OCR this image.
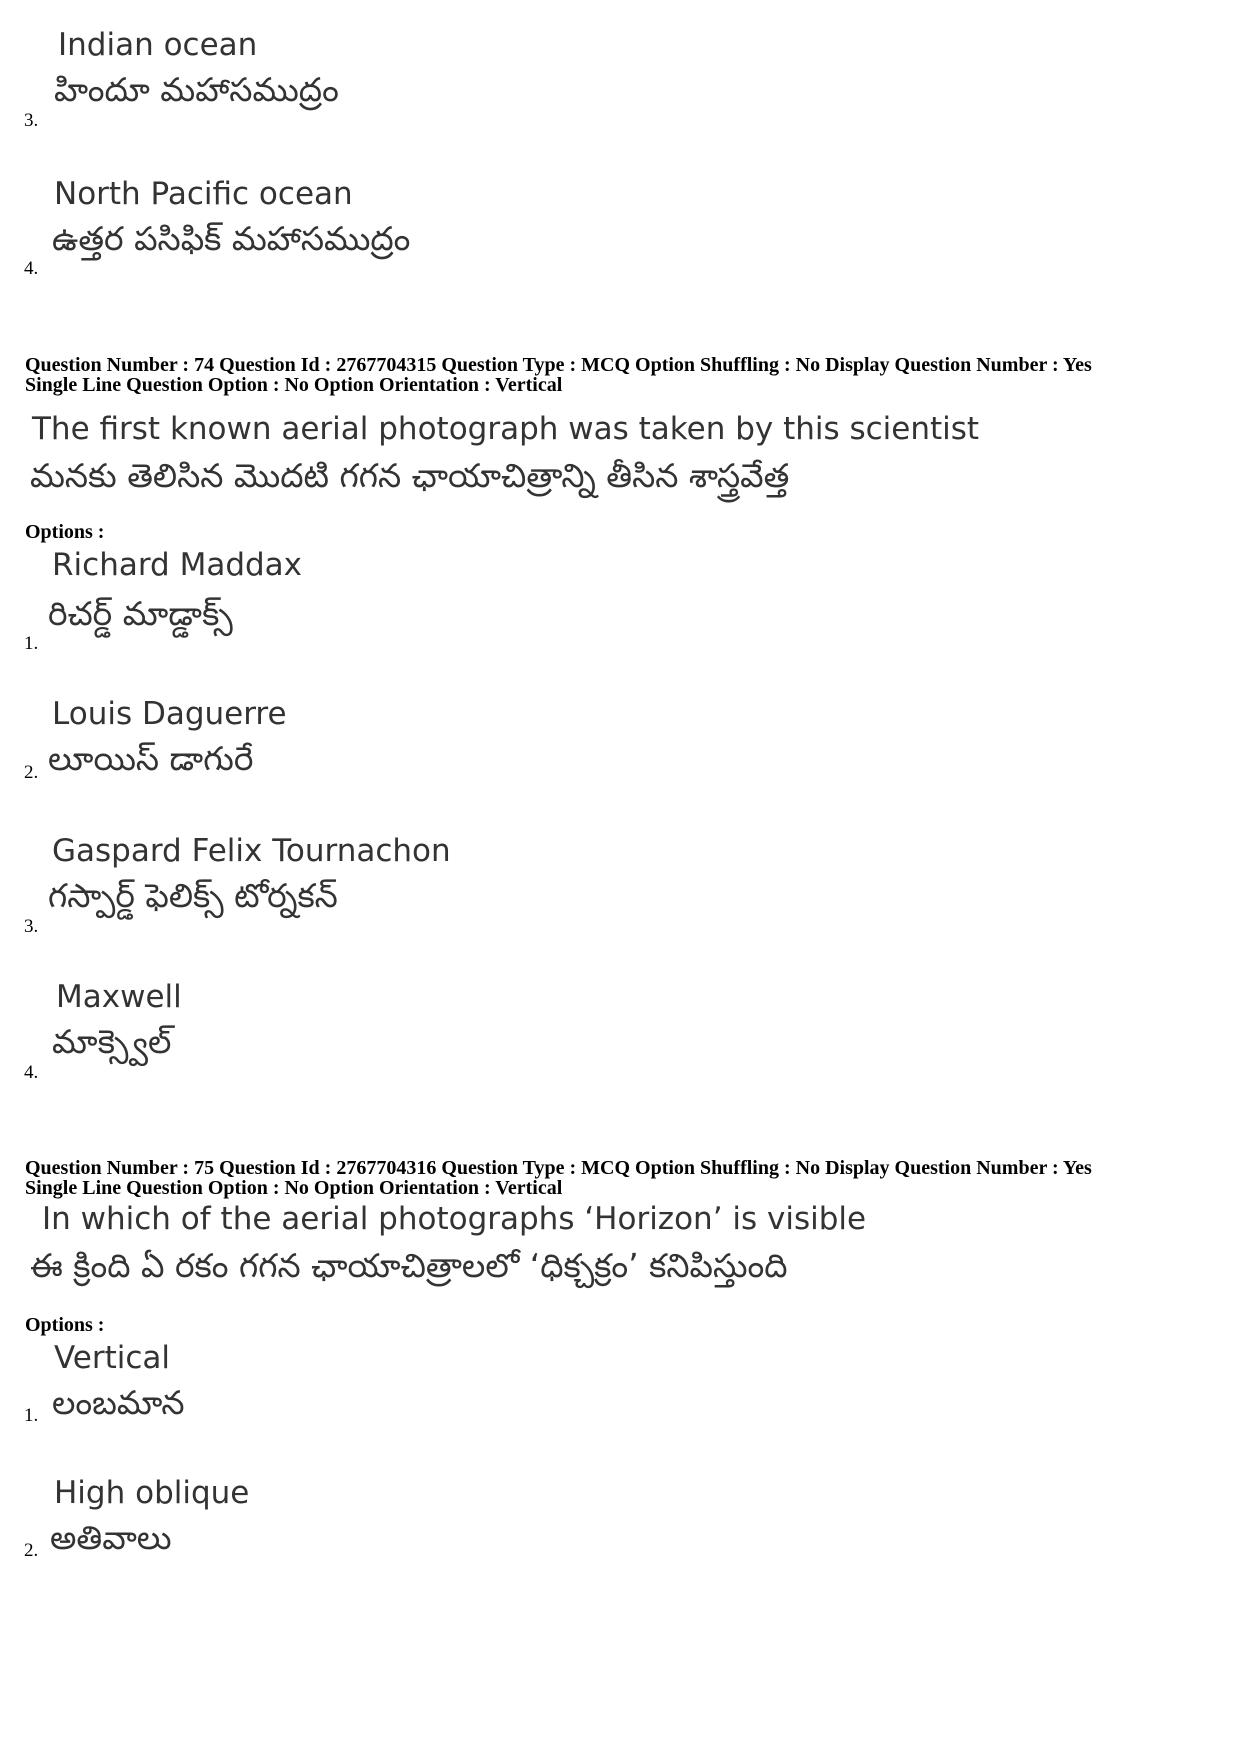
Indian ocean
హిందూ మహాసముద్రం
3.
North Pacific ocean
ఉత్తర పసిఫిక్ మహాసముద్రం
4.
Question Number : 74 Question Id : 2767704315 Question Type : MCQ Option Shuffling : No Display Question Number : Yes
Single Line Question Option : No Option Orientation : Vertical
The first known aerial photograph was taken by this scientist
మనకు తెలిసిన మొదటి గగన ఛాయాచిత్రాన్ని తీసిన శాస్త్రవేత్త
Options :
Richard Maddax
రిచర్డ్ మాడ్డాక్స్
1.
Louis Daguerre
లూయిస్ డాగురే
2.
Gaspard Felix Tournachon
గస్పార్డ్ ఫెలిక్స్ టోర్నకన్
3.
Maxwell
మాక్స్వెల్
4.
Question Number : 75 Question Id : 2767704316 Question Type : MCQ Option Shuffling : No Display Question Number : Yes
Single Line Question Option : No Option Orientation : Vertical
In which of the aerial photographs ‘Horizon’ is visible
ఈ క్రింది ఏ రకం గగన ఛాయాచిత్రాలలో ‘ధిక్చక్రం’ కనిపిస్తుంది
Options :
Vertical
లంబమాన
1.
High oblique
అతివాలు
2.
